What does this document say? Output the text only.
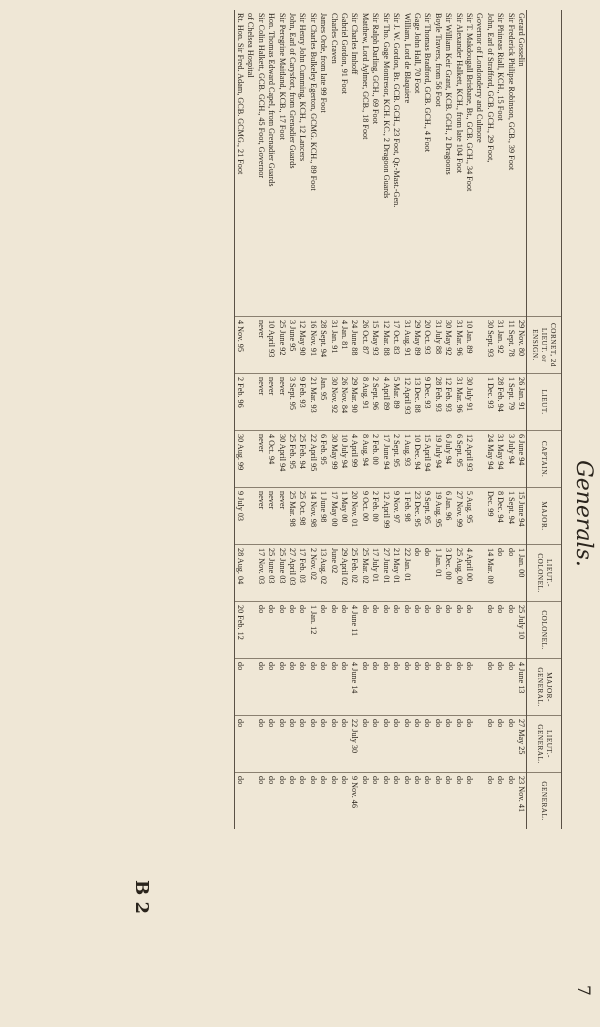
Generals.
7
	CORNET, 2d LIEUT. or ENSIGN.	LIEUT.	CAPTAIN.	MAJOR.	LIEUT.-COLONEL.	COLONEL.	MAJOR-GENERAL.	LIEUT.-GENERAL.	GENERAL.
Gerard Gosselin	29 Nov. 80	26 Jan. 91	6 June 94	15 June 94	1 Jan. 00	25 July 10	4 June 13	27 May 25	23 Nov. 41
Sir Frederick Philipse Robinson, GCB., 39 Foot	11 Sept. 78	1 Sept. 79	3 July 94	1 Sept. 94	do	do	do	do	do
Sir Phineas Riall, KCH., 15 Foot	31 Jan. 92	28 Feb. 94	31 May 94	8 Dec. 94	do	do	do	do	do
John, Earl of Strafford, GCB. GCH., 29 Foot,	30 Sept. 93	1 Dec. 93	24 May 94	Dec. 99	14 Mar. 00	do	do	do	do
Governor of Londonderry and Culmore									
Sir T. Makdougall Brisbane, Bt., GCB. GCH., 34 Foot	10 Jan. 89	30 July 91	12 April 93	5 Aug. 95	4 April 00	do	do	do	do
Sir Alexander Halkett, KCH., from late 104 Foot	31 Mar. 96	31 Mar. 96	6 Sept. 95	27 Nov. 99	25 Aug. 00	do	do	do	do
Sir William Keir Grant, KCB. GCH., 2 Dragoons	30 May 92	12 Feb. 93	6 July 94	6 Jan. 96	3 Dec. 00	do	do	do	do
Boyle Travers, from 56 Foot	31 July 88	28 Feb. 93	19 July 94	19 Aug. 95	1 Jan. 01	do	do	do	do
Sir Thomas Bradford, GCB. GCH., 4 Foot	20 Oct. 93	9 Dec. 93	15 April 94	9 Sept. 95	do	do	do	do	do
Gage John Hall, 70 Foot	29 May 89	13 Dec. 88	10 Dec. 94	23 Dec. 95	do	do	do	do	do
William, Lord de Blaquiere	31 Aug. 91	12 April 93	1 Aug. 93	1 Feb. 98	22 Jan. 01	do	do	do	do
Sir J. W. Gordon, Bt. GCB. GCH., 23 Foot, Qr.-Mast.-Gen.	17 Oct. 83	5 Mar. 89	2 Sept. 95	9 Nov. 97	21 May 01	do	do	do	do
Sir Tho. Gage Montresor, KCH. KC., 2 Dragoon Guards	12 Mar. 88	4 April 89	17 June 94	12 April 99	27 June 01	do	do	do	do
Sir Ralph Darling, GCH., 69 Foot	15 May 93	2 Sept. 96	2 Feb. 00	2 Feb. 00	17 July 01	do	do	do	do
Matthew, Lord Aylmer, GCB., 18 Foot	26 Oct. 87	8 Aug. 91	8 Aug. 94	9 Oct. 00	25 Mar. 02	do	do	do	do
Sir Charles Imhoff	24 June 88	29 Mar. 90	4 April 99	20 Nov. 01	25 Feb. 02	4 June 11	4 June 14	22 July 30	9 Nov. 46
Gabriel Gordon, 91 Foot	4 Jan. 81	26 Nov. 84	10 July 94	1 May 00	29 April 02	do	do	do	do
Charles Craven	31 Jan. 91	30 Nov. 92	30 May 99	17 May 00	June 02	do	do	do	do
James Orde, from late 99 Foot	28 Sept. 94	Jan. 95	6 Feb. 95	1 June 98	13 Aug. 02	do	do	do	do
Sir Charles Bulkeley Egerton, GCMG. KCH., 89 Foot	16 Nov. 91	21 Mar. 93	22 April 95	14 Nov. 98	2 Nov. 02	1 Jan. 12	do	do	do
Sir Henry John Cumming, KCH., 12 Lancers	12 May 90	9 Feb. 93	25 Feb. 94	25 Oct. 98	17 Feb. 03	do	do	do	do
John, Earl of Carysfort, from Grenadier Guards	3 June 95	3 Sept. 95	25 Feb. 95	25 Mar. 98	27 April 03	do	do	do	do
Sir Peregrine Maitland, KCB., 17 Foot	25 June 92	never	30 April 94	never	25 June 03	do	do	do	do
Hon. Thomas Edward Capel, from Grenadier Guards	10 April 93	never	4 Oct. 94	never	25 June 03	do	do	do	do
Sir Colin Halkett, GCB. GCH., 45 Foot, Governor	never	never	never	never	17 Nov. 03	do	do	do	do
of Chelsea Hospital									
Rt. Hon. Sir Fred. Adam, GCB. GCMG., 21 Foot	4 Nov. 95	2 Feb. 96	30 Aug. 99	9 July 03	28 Aug. 04	20 Feb. 12	do	do	do
B 2
